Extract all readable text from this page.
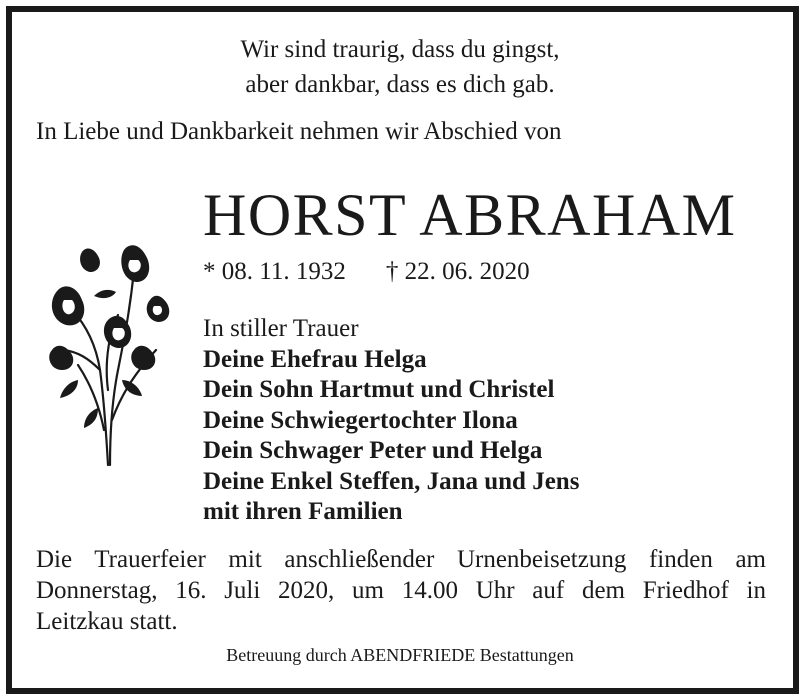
Wir sind traurig, dass du gingst,
aber dankbar, dass es dich gab.
In Liebe und Dankbarkeit nehmen wir Abschied von
HORST ABRAHAM
* 08. 11. 1932 † 22. 06. 2020
In stiller Trauer
Deine Ehefrau Helga
Dein Sohn Hartmut und Christel
Deine Schwiegertochter Ilona
Dein Schwager Peter und Helga
Deine Enkel Steffen, Jana und Jens
mit ihren Familien
Die Trauerfeier mit anschließender Urnenbeisetzung finden am
Donnerstag, 16. Juli 2020, um 14.00 Uhr auf dem Friedhof in
Leitzkau statt.
Betreuung durch ABENDFRIEDE Bestattungen
